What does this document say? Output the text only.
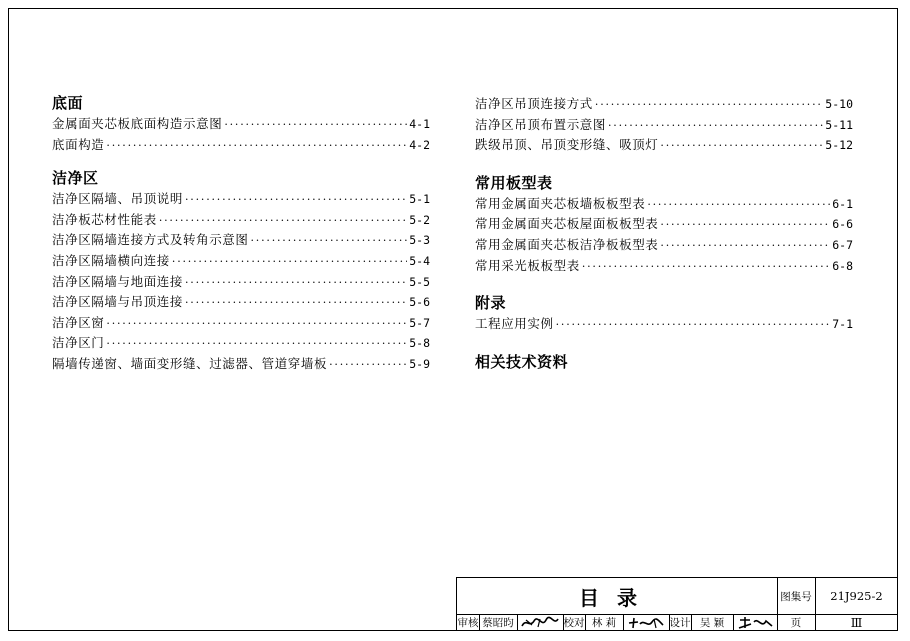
底面
金属面夹芯板底面构造示意图 ·····	4-1
底面构造 ·····	4-2
洁净区
洁净区隔墙、吊顶说明 ·····	5-1
洁净板芯材性能表 ·····	5-2
洁净区隔墙连接方式及转角示意图 ·····	5-3
洁净区隔墙横向连接 ·····	5-4
洁净区隔墙与地面连接 ·····	5-5
洁净区隔墙与吊顶连接 ·····	5-6
洁净区窗 ·····	5-7
洁净区门 ·····	5-8
隔墙传递窗、墙面变形缝、过滤器、管道穿墙板 ·····	5-9
洁净区吊顶连接方式 ·····	5-10
洁净区吊顶布置示意图 ·····	5-11
跌级吊顶、吊顶变形缝、吸顶灯 ·····	5-12
常用板型表
常用金属面夹芯板墙板板型表 ·····	6-1
常用金属面夹芯板屋面板板型表 ·····	6-6
常用金属面夹芯板洁净板板型表 ·····	6-7
常用采光板板型表 ·····	6-8
附录
工程应用实例 ·····	7-1
相关技术资料
目录	图集号	21J925-2
审核 蔡昭昀	校对 林 莉	设计 吴 颖	页	Ⅲ
